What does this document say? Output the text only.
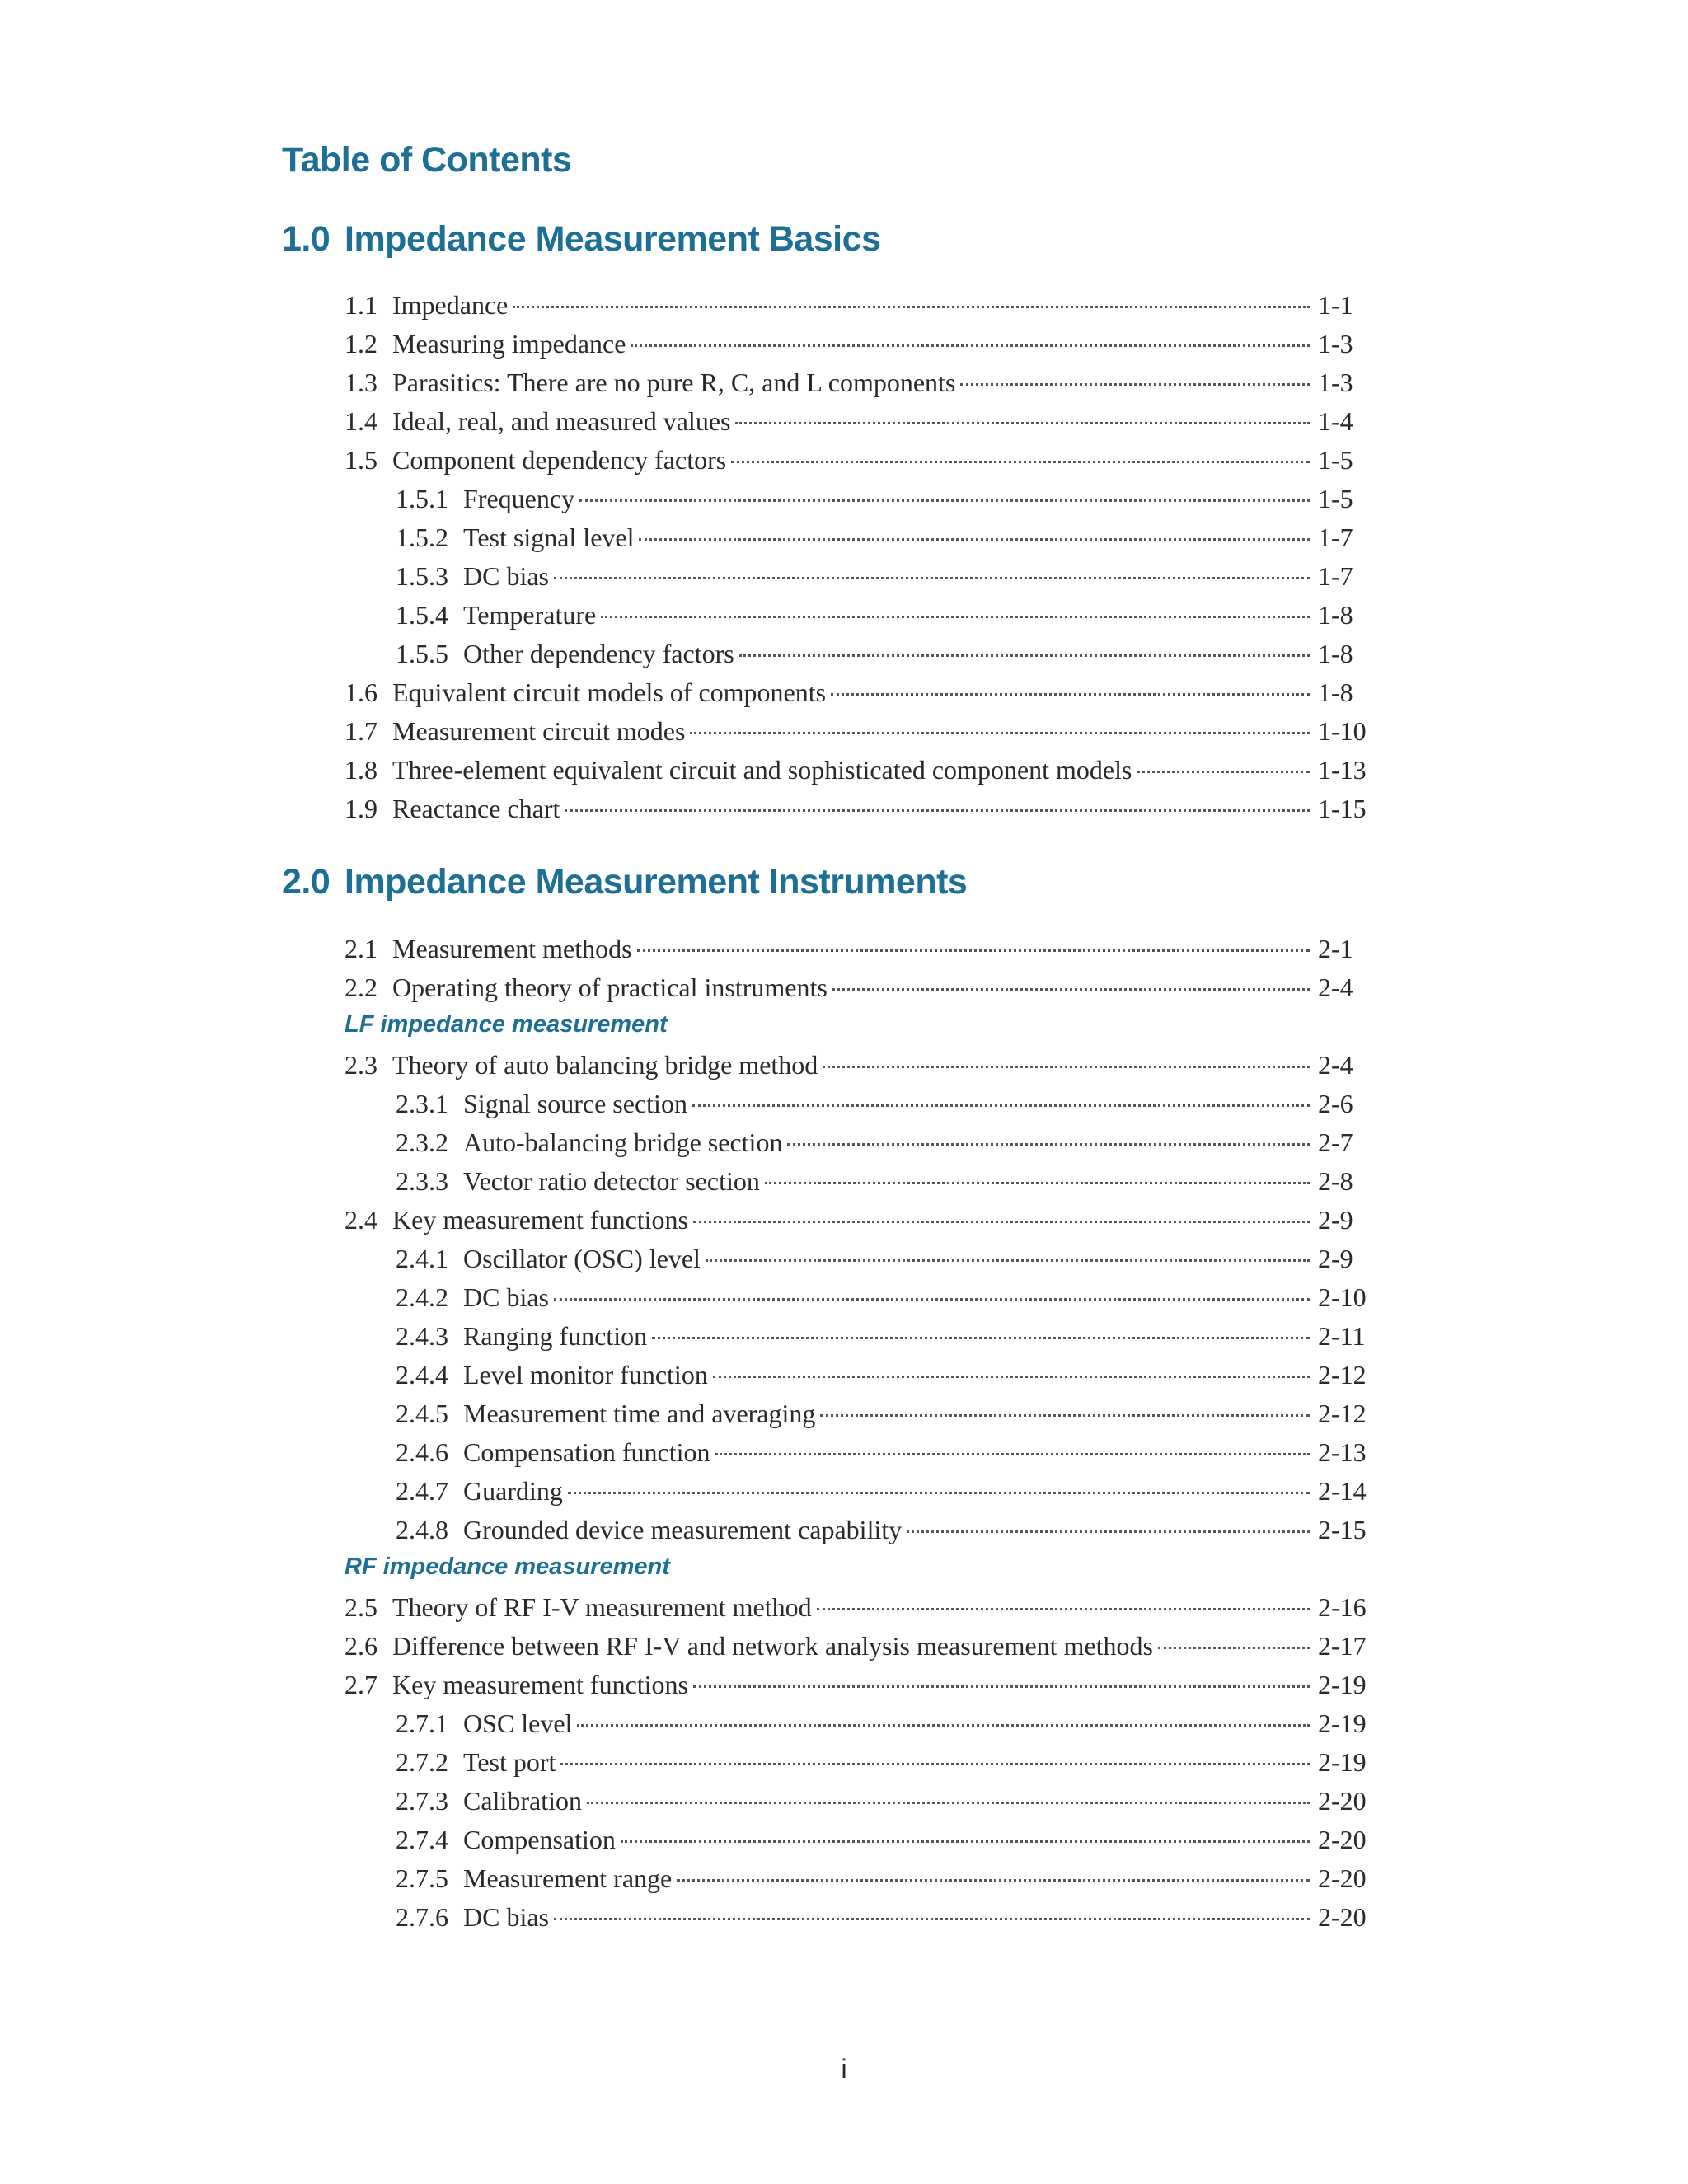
Table of Contents
1.0 Impedance Measurement Basics
1.1 Impedance	1-1
1.2 Measuring impedance	1-3
1.3 Parasitics: There are no pure R, C, and L components	1-3
1.4 Ideal, real, and measured values	1-4
1.5 Component dependency factors	1-5
1.5.1 Frequency	1-5
1.5.2 Test signal level	1-7
1.5.3 DC bias	1-7
1.5.4 Temperature	1-8
1.5.5 Other dependency factors	1-8
1.6 Equivalent circuit models of components	1-8
1.7 Measurement circuit modes	1-10
1.8 Three-element equivalent circuit and sophisticated component models	1-13
1.9 Reactance chart	1-15
2.0 Impedance Measurement Instruments
2.1 Measurement methods	2-1
2.2 Operating theory of practical instruments	2-4
LF impedance measurement
2.3 Theory of auto balancing bridge method	2-4
2.3.1 Signal source section	2-6
2.3.2 Auto-balancing bridge section	2-7
2.3.3 Vector ratio detector section	2-8
2.4 Key measurement functions	2-9
2.4.1 Oscillator (OSC) level	2-9
2.4.2 DC bias	2-10
2.4.3 Ranging function	2-11
2.4.4 Level monitor function	2-12
2.4.5 Measurement time and averaging	2-12
2.4.6 Compensation function	2-13
2.4.7 Guarding	2-14
2.4.8 Grounded device measurement capability	2-15
RF impedance measurement
2.5 Theory of RF I-V measurement method	2-16
2.6 Difference between RF I-V and network analysis measurement methods	2-17
2.7 Key measurement functions	2-19
2.7.1 OSC level	2-19
2.7.2 Test port	2-19
2.7.3 Calibration	2-20
2.7.4 Compensation	2-20
2.7.5 Measurement range	2-20
2.7.6 DC bias	2-20
i
